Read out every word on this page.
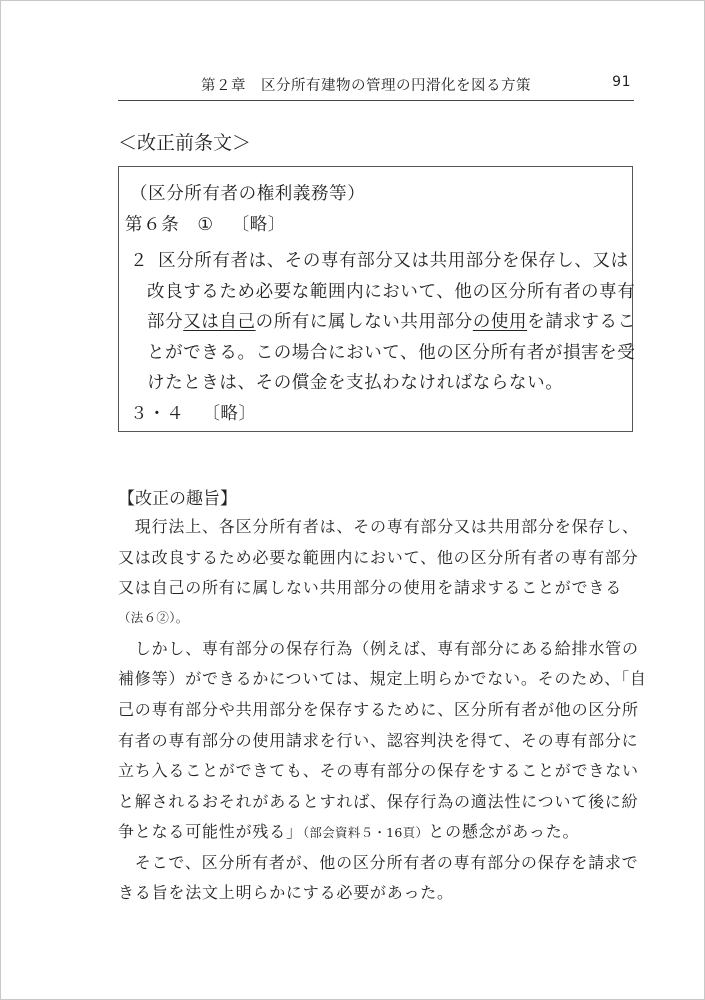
第２章　区分所有建物の管理の円滑化を図る方策	91
＜改正前条文＞
（区分所有者の権利義務等）
第６条 ① 〔略〕
２ 区分所有者は、その専有部分又は共用部分を保存し、又は
改良するため必要な範囲内において、他の区分所有者の専有
部分又は自己の所有に属しない共用部分の使用を請求するこ
とができる。この場合において、他の区分所有者が損害を受
けたときは、その償金を支払わなければならない。
３・４ 〔略〕
【改正の趣旨】
　現行法上、各区分所有者は、その専有部分又は共用部分を保存し、
又は改良するため必要な範囲内において、他の区分所有者の専有部分
又は自己の所有に属しない共用部分の使用を請求することができる
（法６②）。
　しかし、専有部分の保存行為（例えば、専有部分にある給排水管の
補修等）ができるかについては、規定上明らかでない。そのため、「自
己の専有部分や共用部分を保存するために、区分所有者が他の区分所
有者の専有部分の使用請求を行い、認容判決を得て、その専有部分に
立ち入ることができても、その専有部分の保存をすることができない
と解されるおそれがあるとすれば、保存行為の適法性について後に紛
争となる可能性が残る」（部会資料５・16頁）との懸念があった。
　そこで、区分所有者が、他の区分所有者の専有部分の保存を請求で
きる旨を法文上明らかにする必要があった。
